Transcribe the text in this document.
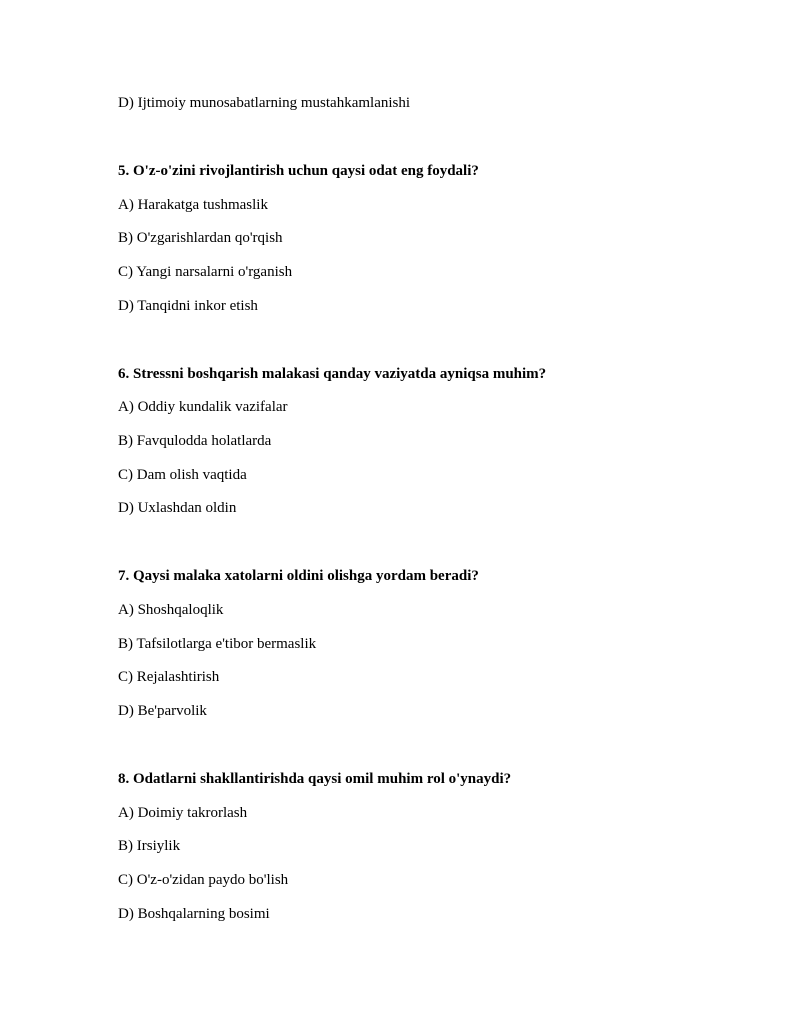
D) Ijtimoiy munosabatlarning mustahkamlanishi
5. O'z-o'zini rivojlantirish uchun qaysi odat eng foydali?
A) Harakatga tushmaslik
B) O'zgarishlardan qo'rqish
C) Yangi narsalarni o'rganish
D) Tanqidni inkor etish
6. Stressni boshqarish malakasi qanday vaziyatda ayniqsa muhim?
A) Oddiy kundalik vazifalar
B) Favqulodda holatlarda
C) Dam olish vaqtida
D) Uxlashdan oldin
7. Qaysi malaka xatolarni oldini olishga yordam beradi?
A) Shoshqaloqlik
B) Tafsilotlarga e'tibor bermaslik
C) Rejalashtirish
D) Be'parvolik
8. Odatlarni shakllantirishda qaysi omil muhim rol o'ynaydi?
A) Doimiy takrorlash
B) Irsiylik
C) O'z-o'zidan paydo bo'lish
D) Boshqalarning bosimi
